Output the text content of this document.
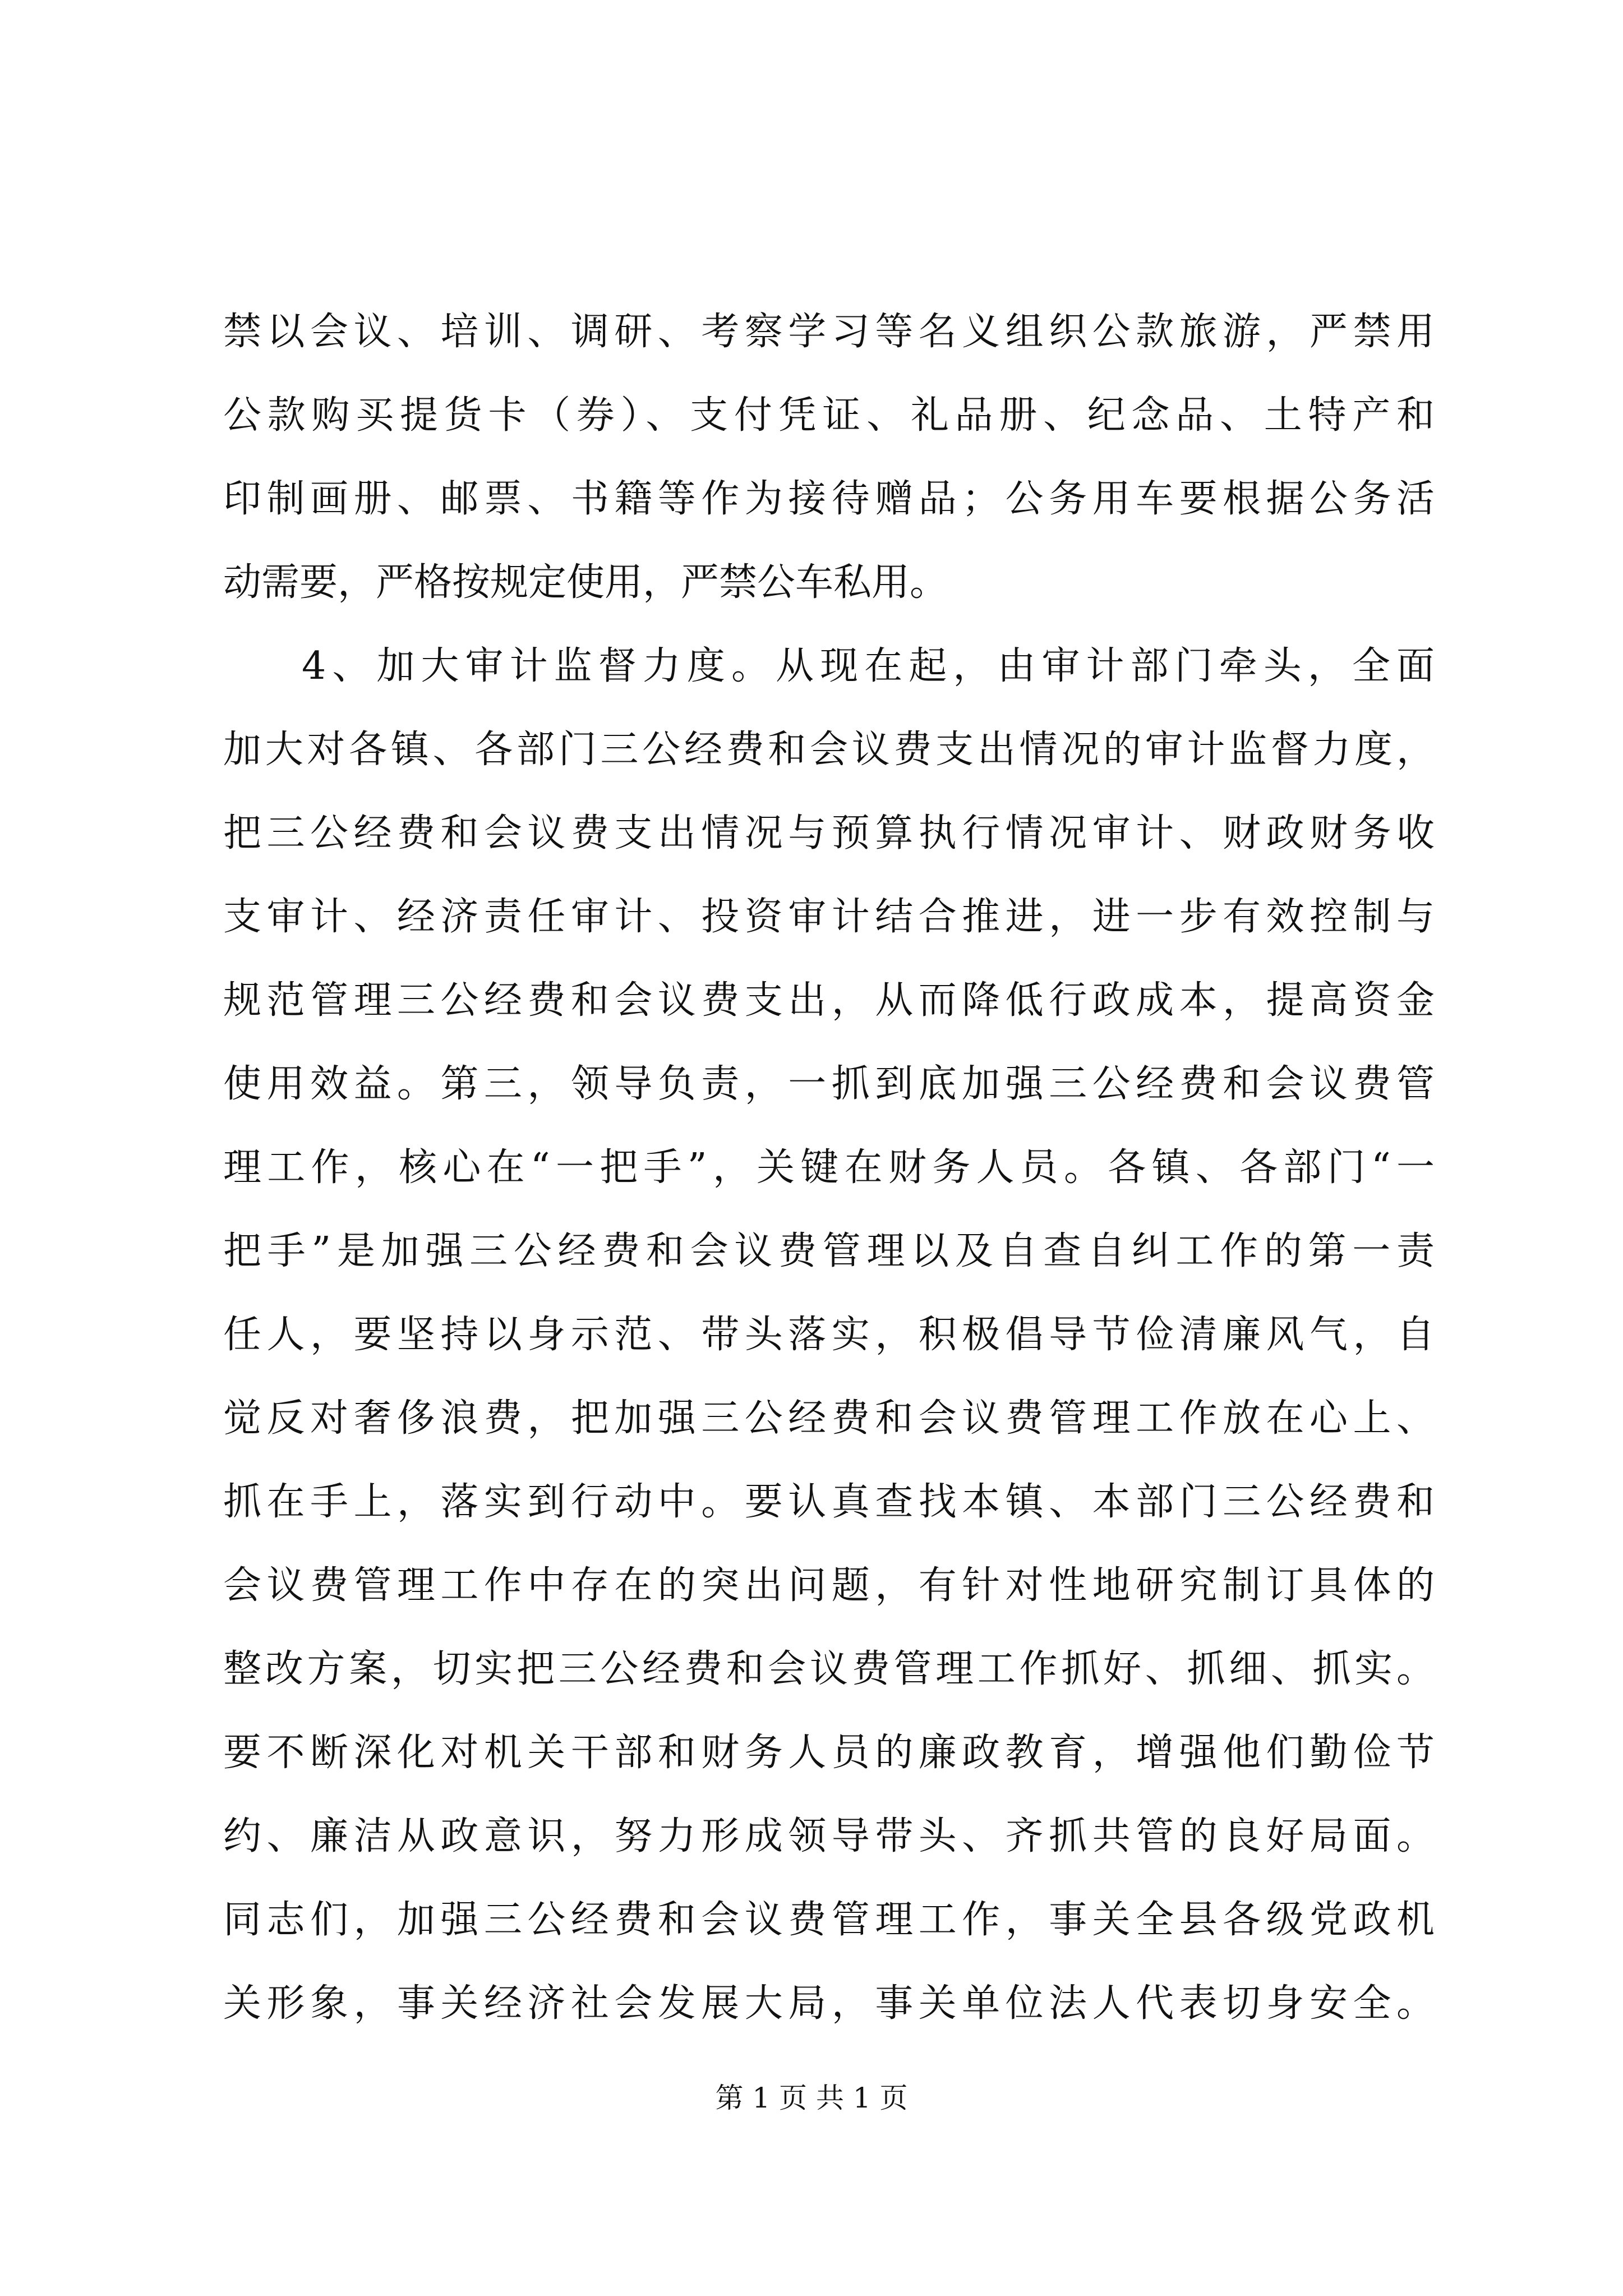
禁以会议、培训、调研、考察学习等名义组织公款旅游，严禁用
公款购买提货卡（券）、支付凭证、礼品册、纪念品、土特产和
印制画册、邮票、书籍等作为接待赠品；公务用车要根据公务活
动需要，严格按规定使用，严禁公车私用。
4、加大审计监督力度。从现在起，由审计部门牵头，全面
加大对各镇、各部门三公经费和会议费支出情况的审计监督力度，
把三公经费和会议费支出情况与预算执行情况审计、财政财务收
支审计、经济责任审计、投资审计结合推进，进一步有效控制与
规范管理三公经费和会议费支出，从而降低行政成本，提高资金
使用效益。第三，领导负责，一抓到底加强三公经费和会议费管
理工作，核心在“一把手”，关键在财务人员。各镇、各部门“一
把手”是加强三公经费和会议费管理以及自查自纠工作的第一责
任人，要坚持以身示范、带头落实，积极倡导节俭清廉风气，自
觉反对奢侈浪费，把加强三公经费和会议费管理工作放在心上、
抓在手上，落实到行动中。要认真查找本镇、本部门三公经费和
会议费管理工作中存在的突出问题，有针对性地研究制订具体的
整改方案，切实把三公经费和会议费管理工作抓好、抓细、抓实。
要不断深化对机关干部和财务人员的廉政教育，增强他们勤俭节
约、廉洁从政意识，努力形成领导带头、齐抓共管的良好局面。
同志们，加强三公经费和会议费管理工作，事关全县各级党政机
关形象，事关经济社会发展大局，事关单位法人代表切身安全。
第 1 页 共 1 页
